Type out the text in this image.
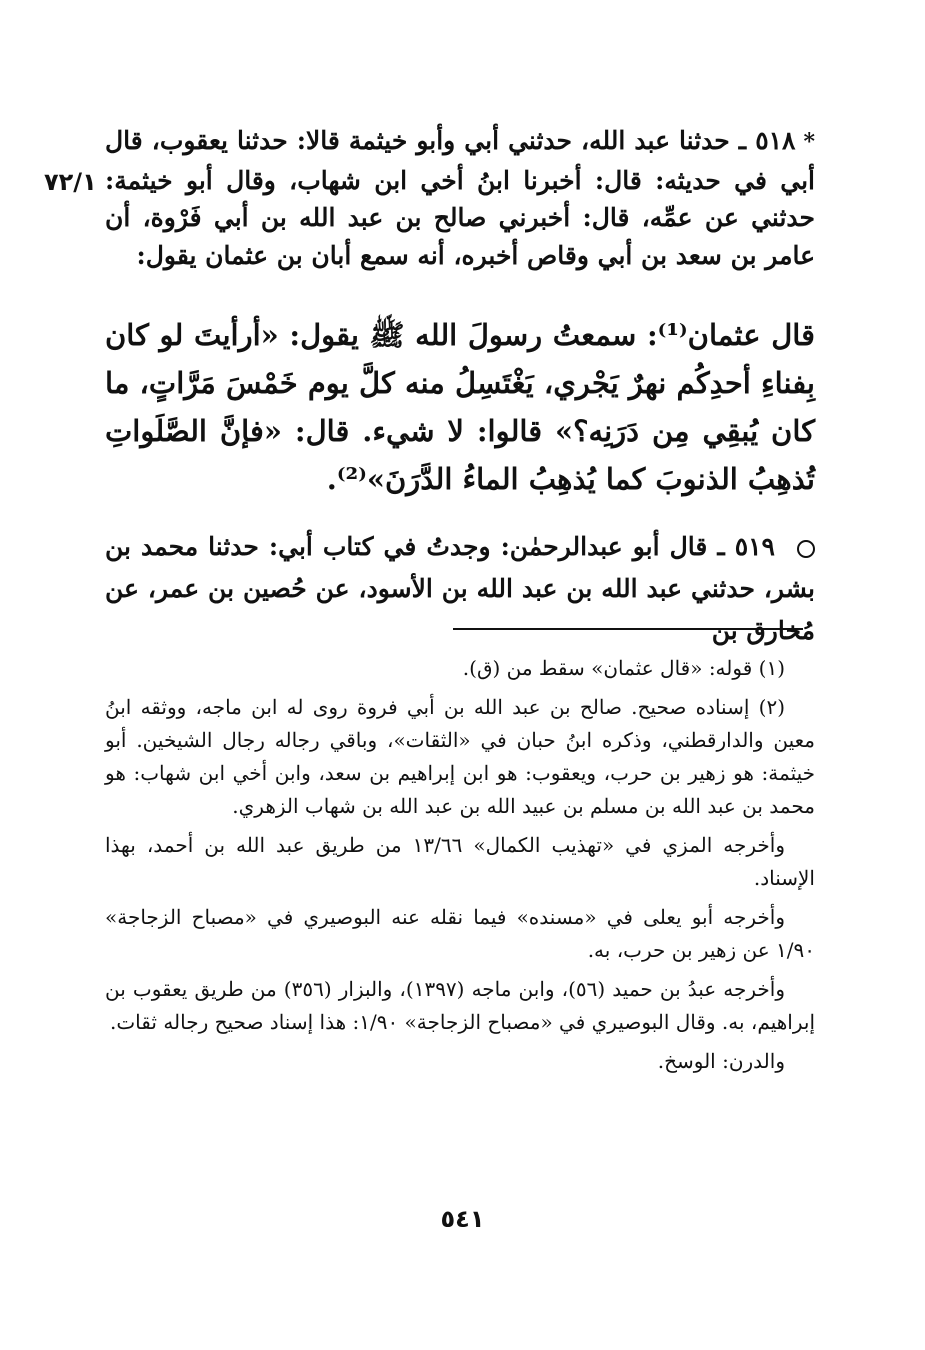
٧٢/١
*٥١٨ ـ حدثنا عبد الله، حدثني أبي وأبو خيثمة قالا: حدثنا يعقوب، قال أبي في حديثه: قال: أخبرنا ابنُ أخي ابن شهاب، وقال أبو خيثمة: حدثني عن عمِّه، قال: أخبرني صالح بن عبد الله بن أبي فَرْوة، أن عامر بن سعد بن أبي وقاص أخبره، أنه سمع أبان بن عثمان يقول:
قال عثمان⁽¹⁾: سمعتُ رسولَ الله ﷺ يقول: «أرأيتَ لو كان بِفناءِ أحدِكُم نهرٌ يَجْري، يَغْتَسِلُ منه كلَّ يوم خَمْسَ مَرَّاتٍ، ما كان يُبقِي مِن دَرَنِه؟» قالوا: لا شيء. قال: «فإنَّ الصَّلَواتِ تُذهِبُ الذنوبَ كما يُذهِبُ الماءُ الدَّرَنَ»⁽²⁾.
٥١٩ ـ قال أبو عبدالرحمٰن: وجدتُ في كتاب أبي: حدثنا محمد بن بشر، حدثني عبد الله بن عبد الله بن الأسود، عن حُصين بن عمر، عن مُخارق بن

(١) قوله: «قال عثمان» سقط من (ق).

(٢) إسناده صحيح. صالح بن عبد الله بن أبي فروة روى له ابن ماجه، ووثقه ابنُ معين والدارقطني، وذكره ابنُ حبان في «الثقات»، وباقي رجاله رجال الشيخين. أبو خيثمة: هو زهير بن حرب، ويعقوب: هو ابن إبراهيم بن سعد، وابن أخي ابن شهاب: هو محمد بن عبد الله بن مسلم بن عبيد الله بن عبد الله بن شهاب الزهري.

وأخرجه المزي في «تهذيب الكمال» ١٣/٦٦ من طريق عبد الله بن أحمد، بهذا الإسناد.

وأخرجه أبو يعلى في «مسنده» فيما نقله عنه البوصيري في «مصباح الزجاجة» ١/٩٠ عن زهير بن حرب، به.

وأخرجه عبدُ بن حميد (٥٦)، وابن ماجه (١٣٩٧)، والبزار (٣٥٦) من طريق يعقوب بن إبراهيم، به. وقال البوصيري في «مصباح الزجاجة» ١/٩٠: هذا إسناد صحيح رجاله ثقات.

والدرن: الوسخ.

٥٤١
